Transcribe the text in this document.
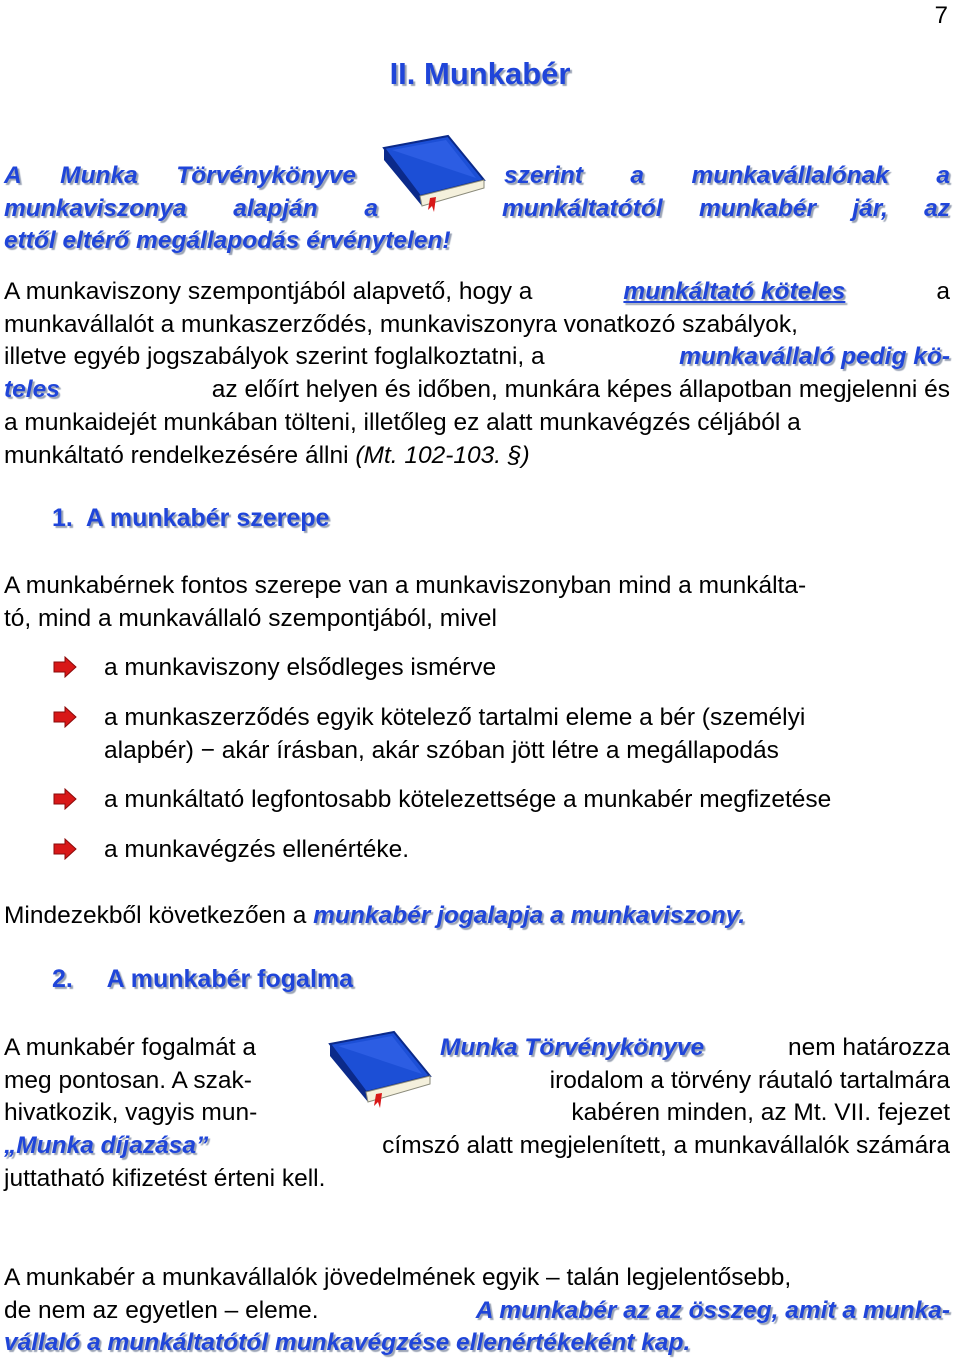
7
II. Munkabér
A Munka Törvénykönyve	szerint a munkavállalónak a
munkaviszonya alapján a	munkáltatótól munkabér jár, az
ettől eltérő megállapodás érvénytelen!
A munkaviszony szempontjából alapvető, hogy a	munkáltató köteles	a
munkavállalót a munkaszerződés, munkaviszonyra vonatkozó szabályok,
illetve egyéb jogszabályok szerint foglalkoztatni, a	munkavállaló pedig kö-
teles	az előírt helyen és időben, munkára képes állapotban megjelenni és
a munkaidejét munkában tölteni, illetőleg ez alatt munkavégzés céljából a
munkáltató rendelkezésére állni
(Mt. 102-103. §)
1. A munkabér szerepe
A munkabérnek fontos szerepe van a munkaviszonyban mind a munkálta-
tó, mind a munkavállaló szempontjából, mivel
a munkaviszony elsődleges ismérve
a munkaszerződés egyik kötelező tartalmi eleme a bér (személyi
alapbér) − akár írásban, akár szóban jött létre a megállapodás
a munkáltató legfontosabb kötelezettsége a munkabér megfizetése
a munkavégzés ellenértéke.
Mindezekből következően a munkabér jogalapja a munkaviszony.
2. A munkabér fogalma
A munkabér fogalmát a	Munka Törvénykönyve	nem határozza
meg pontosan. A szak-	irodalom a törvény ráutaló tartalmára
hivatkozik, vagyis mun-	kabéren minden, az Mt. VII. fejezet
„Munka díjazása”	címszó alatt megjelenített, a munkavállalók számára
juttatható kifizetést érteni kell.
A munkabér a munkavállalók jövedelmének egyik – talán legjelentősebb,
de nem az egyetlen – eleme.	A munkabér az az összeg, amit a munka-
vállaló a munkáltatótól munkavégzése ellenértékeként kap.
